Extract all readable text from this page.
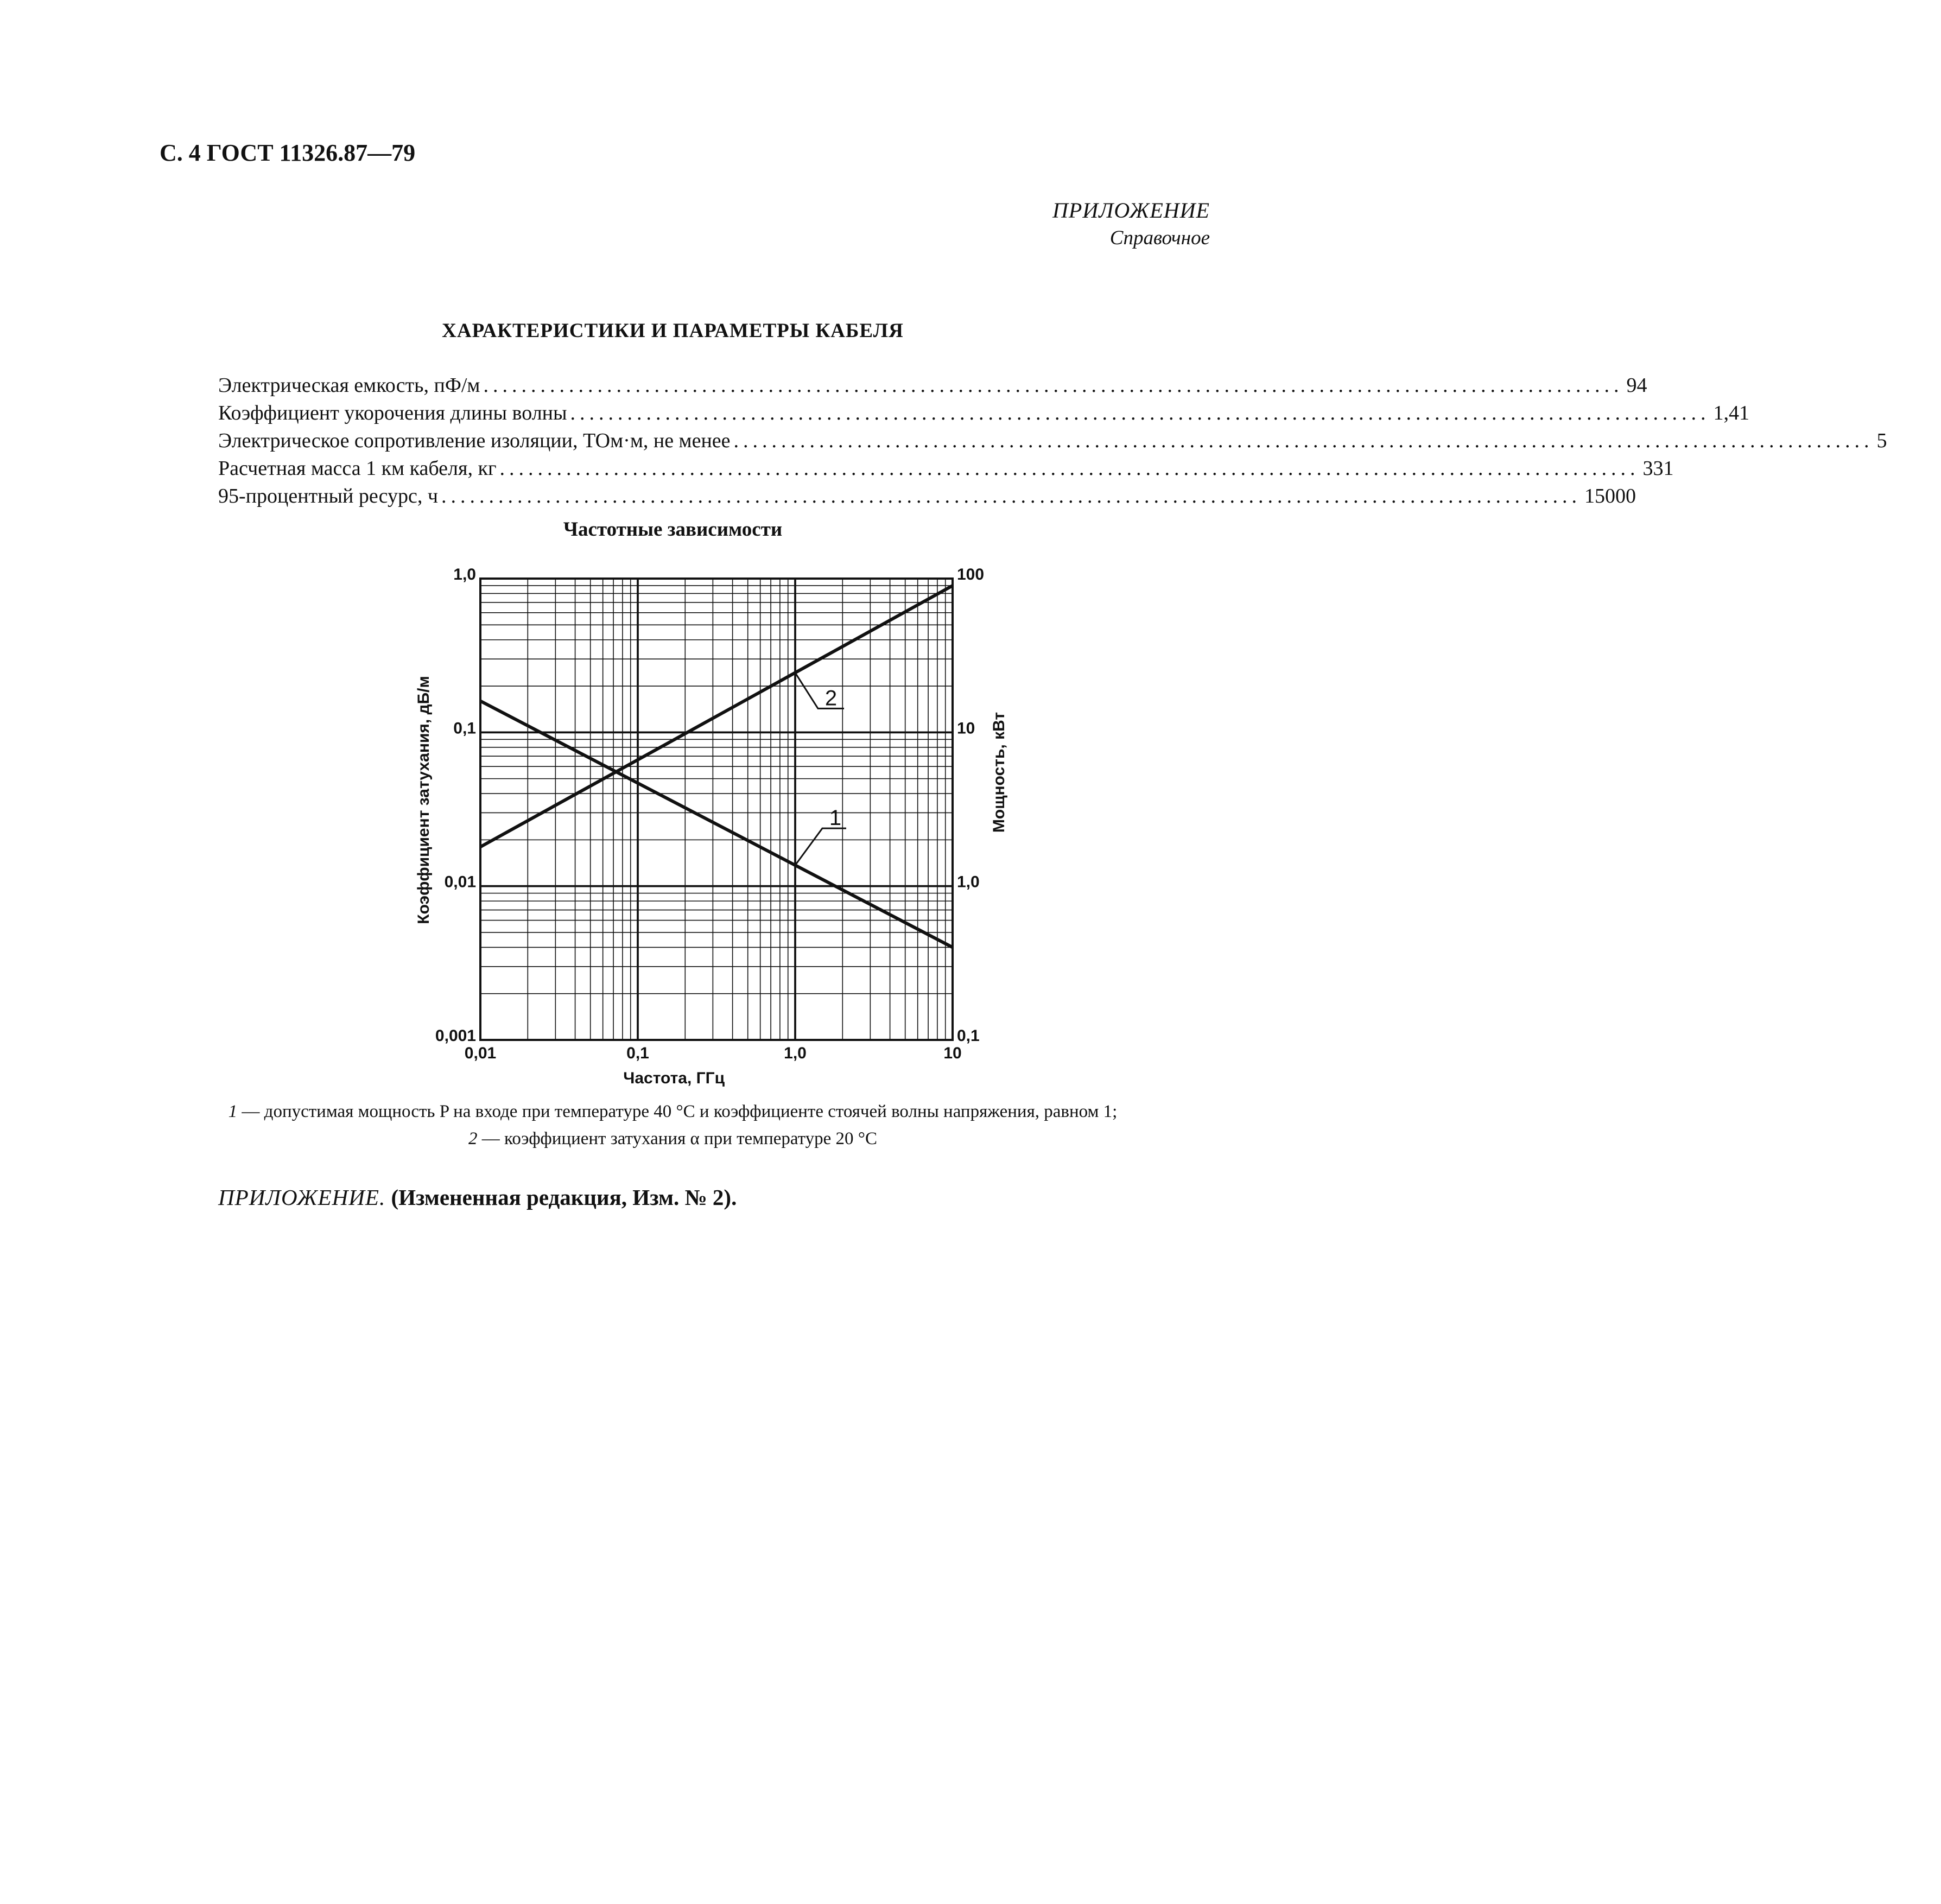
С. 4 ГОСТ 11326.87—79
ПРИЛОЖЕНИЕ
Справочное
ХАРАКТЕРИСТИКИ И ПАРАМЕТРЫ КАБЕЛЯ
Электрическая емкость, пФ/м ........................................................................................................................ 94
Коэффициент укорочения длины волны ........................................................................................................................ 1,41
Электрическое сопротивление изоляции, ТОм·м, не менее ........................................................................................................................ 5
Расчетная масса 1 км кабеля, кг ........................................................................................................................ 331
95-процентный ресурс, ч ........................................................................................................................ 15000
Частотные зависимости
0,01	0,1	1,0	10
0,001
0,01
0,1
1,0
0,1
1,0
10
100
Частота, ГГц
Коэффициент затухания, дБ/м	Мощность, кВт
1
2
1 — допустимая мощность P на входе при температуре 40 °С и коэффициенте стоячей волны напряжения, равном 1;
2 — коэффициент затухания α при температуре 20 °С
ПРИЛОЖЕНИЕ. (Измененная редакция, Изм. № 2).
